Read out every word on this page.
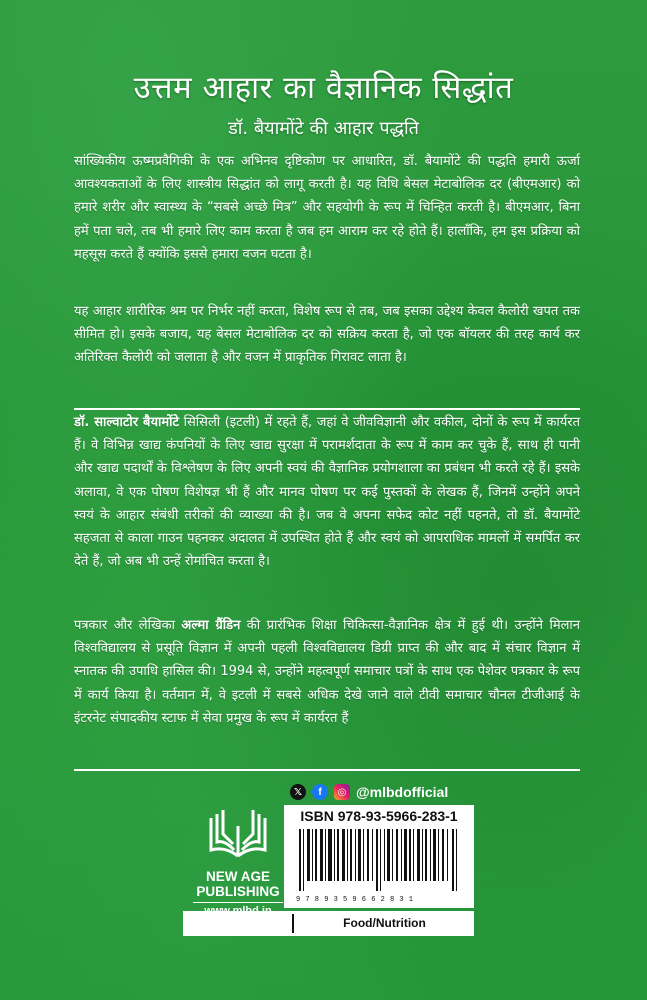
उत्तम आहार का वैज्ञानिक सिद्धांत
डॉ. बैयामोंटे की आहार पद्धति
सांख्यिकीय ऊष्मप्रवैगिकी के एक अभिनव दृष्टिकोण पर आधारित, डॉ. बैयामोंटे की पद्धति हमारी ऊर्जा आवश्यकताओं के लिए शास्त्रीय सिद्धांत को लागू करती है। यह विधि बेसल मेटाबोलिक दर (बीएमआर) को हमारे शरीर और स्वास्थ्य के “सबसे अच्छे मित्र” और सहयोगी के रूप में चिन्हित करती है। बीएमआर, बिना हमें पता चले, तब भी हमारे लिए काम करता है जब हम आराम कर रहे होते हैं। हालाँकि, हम इस प्रक्रिया को महसूस करते हैं क्योंकि इससे हमारा वजन घटता है।
यह आहार शारीरिक श्रम पर निर्भर नहीं करता, विशेष रूप से तब, जब इसका उद्देश्य केवल कैलोरी खपत तक सीमित हो। इसके बजाय, यह बेसल मेटाबोलिक दर को सक्रिय करता है, जो एक बॉयलर की तरह कार्य कर अतिरिक्त कैलोरी को जलाता है और वजन में प्राकृतिक गिरावट लाता है।
डॉ. साल्वाटोर बैयामोंटे सिसिली (इटली) में रहते हैं, जहां वे जीवविज्ञानी और वकील, दोनों के रूप में कार्यरत हैं। वे विभिन्न खाद्य कंपनियों के लिए खाद्य सुरक्षा में परामर्शदाता के रूप में काम कर चुके हैं, साथ ही पानी और खाद्य पदार्थों के विश्लेषण के लिए अपनी स्वयं की वैज्ञानिक प्रयोगशाला का प्रबंधन भी करते रहे हैं। इसके अलावा, वे एक पोषण विशेषज्ञ भी हैं और मानव पोषण पर कई पुस्तकों के लेखक हैं, जिनमें उन्होंने अपने स्वयं के आहार संबंधी तरीकों की व्याख्या की है। जब वे अपना सफेद कोट नहीं पहनते, तो डॉ. बैयामोंटे सहजता से काला गाउन पहनकर अदालत में उपस्थित होते हैं और स्वयं को आपराधिक मामलों में समर्पित कर देते हैं, जो अब भी उन्हें रोमांचित करता है।
पत्रकार और लेखिका अल्मा ग्रैंडिन की प्रारंभिक शिक्षा चिकित्सा-वैज्ञानिक क्षेत्र में हुई थी। उन्होंने मिलान विश्वविद्यालय से प्रसूति विज्ञान में अपनी पहली विश्वविद्यालय डिग्री प्राप्त की और बाद में संचार विज्ञान में स्नातक की उपाधि हासिल की। 1994 से, उन्होंने महत्वपूर्ण समाचार पत्रों के साथ एक पेशेवर पत्रकार के रूप में कार्य किया है। वर्तमान में, वे इटली में सबसे अधिक देखे जाने वाले टीवी समाचार चौनल टीजीआई के इंटरनेट संपादकीय स्टाफ में सेवा प्रमुख के रूप में कार्यरत हैं
𝕏	f	◎ @mlbdofficial
NEW AGE
PUBLISHING
ISBN 978-93-5966-283-1
9789359662831
Food/Nutrition
